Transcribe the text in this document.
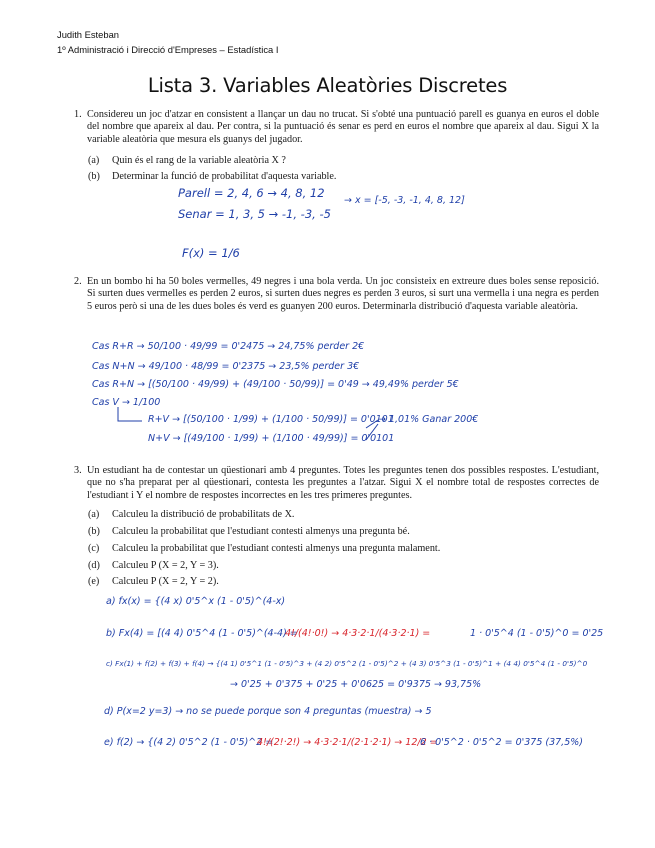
Judith Esteban
1º Administració i Direcció d'Empreses – Estadística I
Lista 3. Variables Aleatòries Discretes
1. Considereu un joc d'atzar en consistent a llançar un dau no trucat. Si s'obté una puntuació parell es guanya en euros el doble del nombre que apareix al dau. Per contra, si la puntuació és senar es perd en euros el nombre que apareix al dau. Sigui X la variable aleatòria que mesura els guanys del jugador.
(a) Quin és el rang de la variable aleatòria X ?
(b) Determinar la funció de probabilitat d'aquesta variable.
Parell = 2, 4, 6 → 4, 8, 12
Senar = 1, 3, 5 → -1, -3, -5
→ x = [-5, -3, -1, 4, 8, 12]
F(x) = 1/6
2. En un bombo hi ha 50 boles vermelles, 49 negres i una bola verda. Un joc consisteix en extreure dues boles sense reposició. Si surten dues vermelles es perden 2 euros, si surten dues negres es perden 3 euros, si surt una vermella i una negra es perden 5 euros però si una de les dues boles és verd es guanyen 200 euros. Determinarla distribució d'aquesta variable aleatòria.
Cas R+R → 50/100 · 49/99 = 0'2475 → 24,75% perder 2€
Cas N+N → 49/100 · 48/99 = 0'2375 → 23,5% perder 3€
Cas R+N → [(50/100 · 49/99) + (49/100 · 50/99)] = 0'49 → 49,49% perder 5€
Cas V → 1/100
R+V → [(50/100 · 1/99) + (1/100 · 50/99)] = 0'0101
→ 1,01% Ganar 200€
N+V → [(49/100 · 1/99) + (1/100 · 49/99)] = 0'0101
3. Un estudiant ha de contestar un qüestionari amb 4 preguntes. Totes les preguntes tenen dos possibles respostes. L'estudiant, que no s'ha preparat per al qüestionari, contesta les preguntes a l'atzar. Sigui X el nombre total de respostes correctes de l'estudiant i Y el nombre de respostes incorrectes en les tres primeres preguntes.
(a) Calculeu la distribució de probabilitats de X.
(b) Calculeu la probabilitat que l'estudiant contesti almenys una pregunta bé.
(c) Calculeu la probabilitat que l'estudiant contesti almenys una pregunta malament.
(d) Calculeu P (X = 2, Y = 3).
(e) Calculeu P (X = 2, Y = 2).
a) fx(x) = {(4 x) 0'5^x (1 - 0'5)^(4-x)
b) Fx(4) = [(4 4) 0'5^4 (1 - 0'5)^(4-4) =
4!/(4!·0!) → 4·3·2·1/(4·3·2·1) =	1 · 0'5^4 (1 - 0'5)^0 = 0'25
c) Fx(1) + f(2) + f(3) + f(4) → {(4 1) 0'5^1 (1 - 0'5)^3 + (4 2) 0'5^2 (1 - 0'5)^2 + (4 3) 0'5^3 (1 - 0'5)^1 + (4 4) 0'5^4 (1 - 0'5)^0
→ 0'25 + 0'375 + 0'25 + 0'0625 = 0'9375 → 93,75%
d) P(x=2 y=3) → no se puede porque son 4 preguntas (muestra) → 5
e) f(2) → {(4 2) 0'5^2 (1 - 0'5)^2 =
4!/(2!·2!) → 4·3·2·1/(2·1·2·1) → 12/2 =
6 · 0'5^2 · 0'5^2 = 0'375 (37,5%)
